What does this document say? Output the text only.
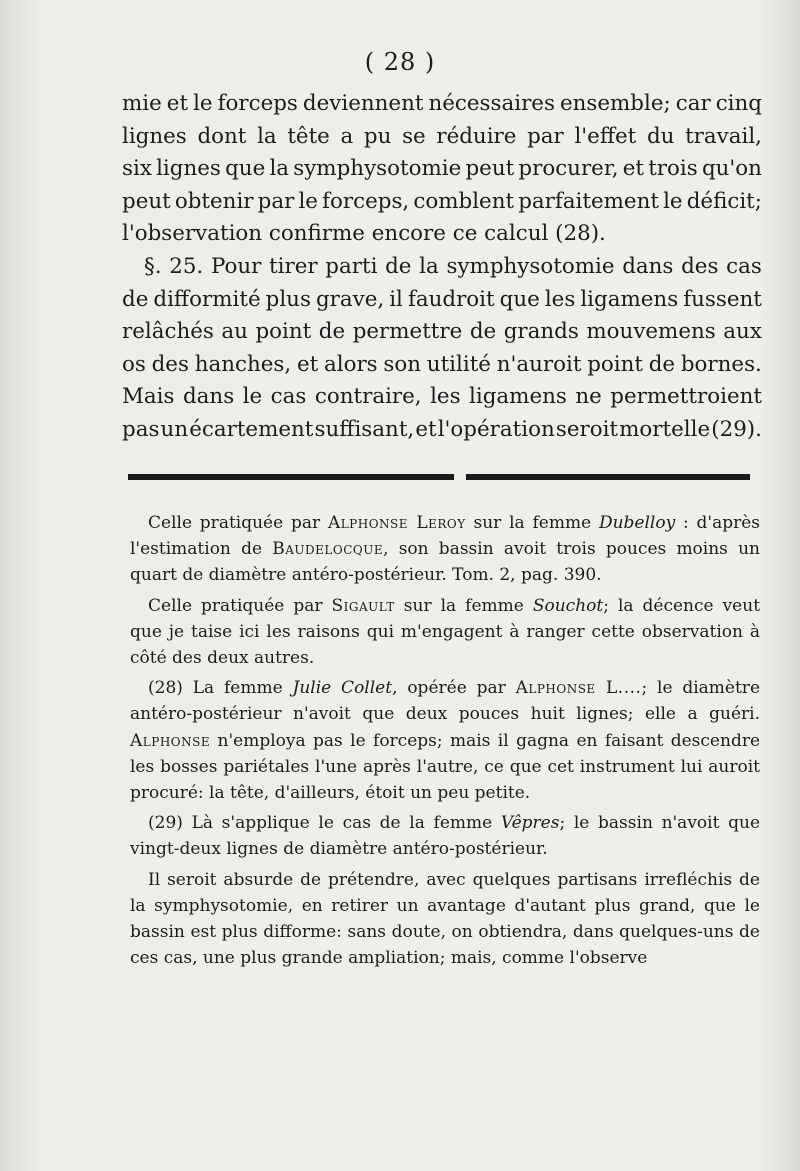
( 28 )
mie et le forceps deviennent nécessaires ensemble; car cinq
lignes dont la tête a pu se réduire par l'effet du travail,
six lignes que la symphysotomie peut procurer, et trois qu'on
peut obtenir par le forceps, comblent parfaitement le déficit;
l'observation confirme encore ce calcul (28).
§. 25. Pour tirer parti de la symphysotomie dans des cas
de difformité plus grave, il faudroit que les ligamens fussent
relâchés au point de permettre de grands mouvemens aux
os des hanches, et alors son utilité n'auroit point de bornes.
Mais dans le cas contraire, les ligamens ne permettroient
pas un écartement suffisant, et l'opération seroit mortelle (29).

Celle pratiquée par Alphonse Leroy sur la femme Dubelloy : d'après l'estimation de Baudelocque, son bassin avoit trois pouces moins un quart de diamètre antéro-postérieur. Tom. 2, pag. 390.

Celle pratiquée par Sigault sur la femme Souchot; la décence veut que je taise ici les raisons qui m'engagent à ranger cette observation à côté des deux autres.

(28) La femme Julie Collet, opérée par Alphonse L....; le diamètre antéro-postérieur n'avoit que deux pouces huit lignes; elle a guéri. Alphonse n'employa pas le forceps; mais il gagna en faisant descendre les bosses pariétales l'une après l'autre, ce que cet instrument lui auroit procuré: la tête, d'ailleurs, étoit un peu petite.

(29) Là s'applique le cas de la femme Vêpres; le bassin n'avoit que vingt-deux lignes de diamètre antéro-postérieur.

Il seroit absurde de prétendre, avec quelques partisans irrefléchis de la symphysotomie, en retirer un avantage d'autant plus grand, que le bassin est plus difforme: sans doute, on obtiendra, dans quelques-uns de ces cas, une plus grande ampliation; mais, comme l'observe
